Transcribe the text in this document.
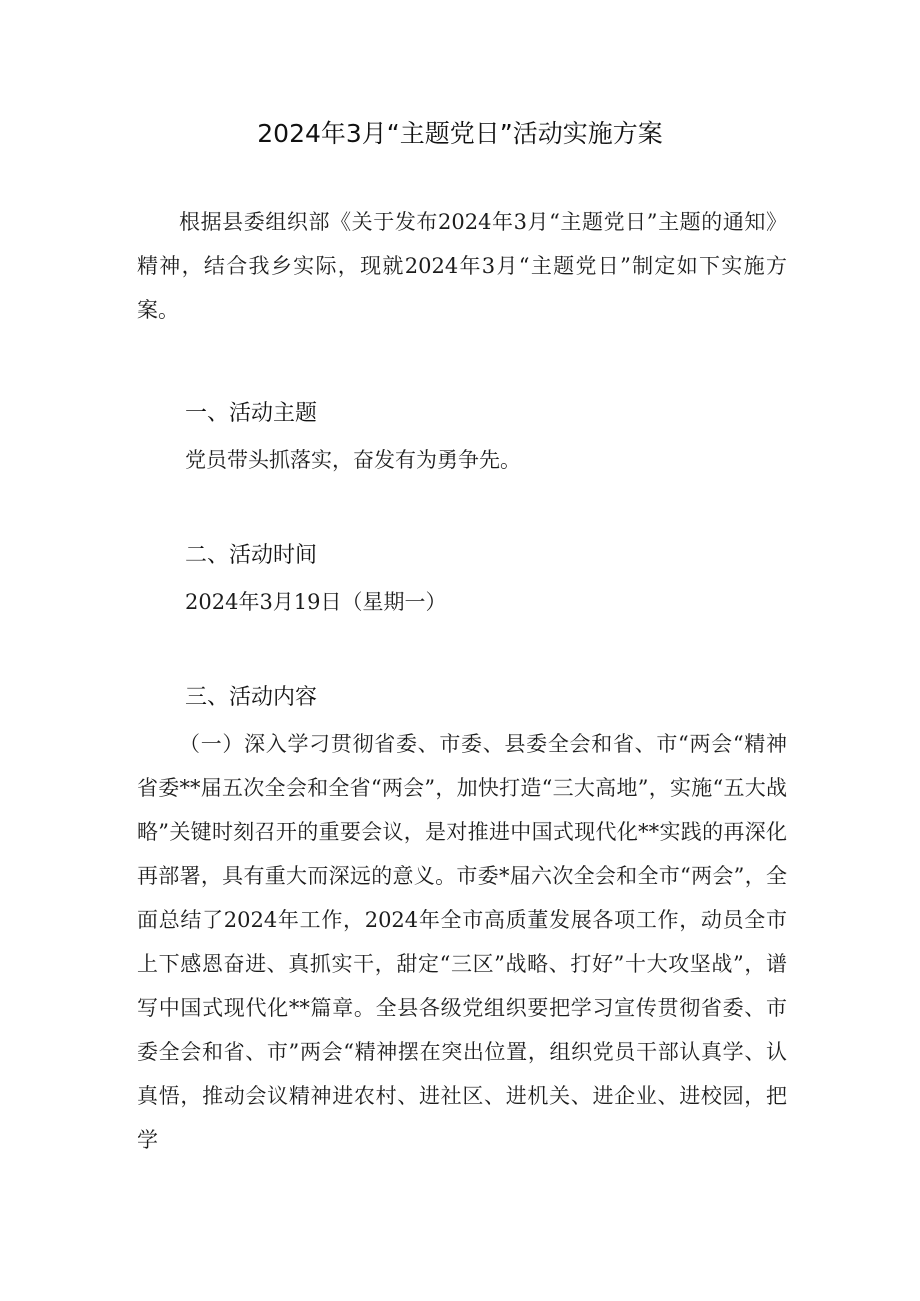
2024年3月“主题党日”活动实施方案

根据县委组织部《关于发布2024年3月“主题党日”主题的通知》精神，结合我乡实际，现就2024年3月“主题党日”制定如下实施方案。

一、活动主题

党员带头抓落实，奋发有为勇争先。

二、活动时间

2024年3月19日（星期一）

三、活动内容

（一）深入学刁贯彻省委、市委、县委全会和省、市“两会“精神省委**届五次全会和全省“两会”，加快打造“三大高地”，实施“五大战略”关键时刻召开的重要会议，是对推进中国式现代化**实践的再深化再部署，具有重大而深远的意义。市委*届六次全会和全市“两会”，全面总结了2024年工作，2024年全市高质董发展各项工作，动员全市上下感恩奋进、真抓实干，甜定“三区”战略、打好”十大攻坚战”，谱写中国式现代化**篇章。全县各级党组织要把学习宣传贯彻省委、市委全会和省、市”两会“精神摆在突出位置，组织党员干部认真学、认真悟，推动会议精神进农村、进社区、进机关、进企业、进校园，把学
